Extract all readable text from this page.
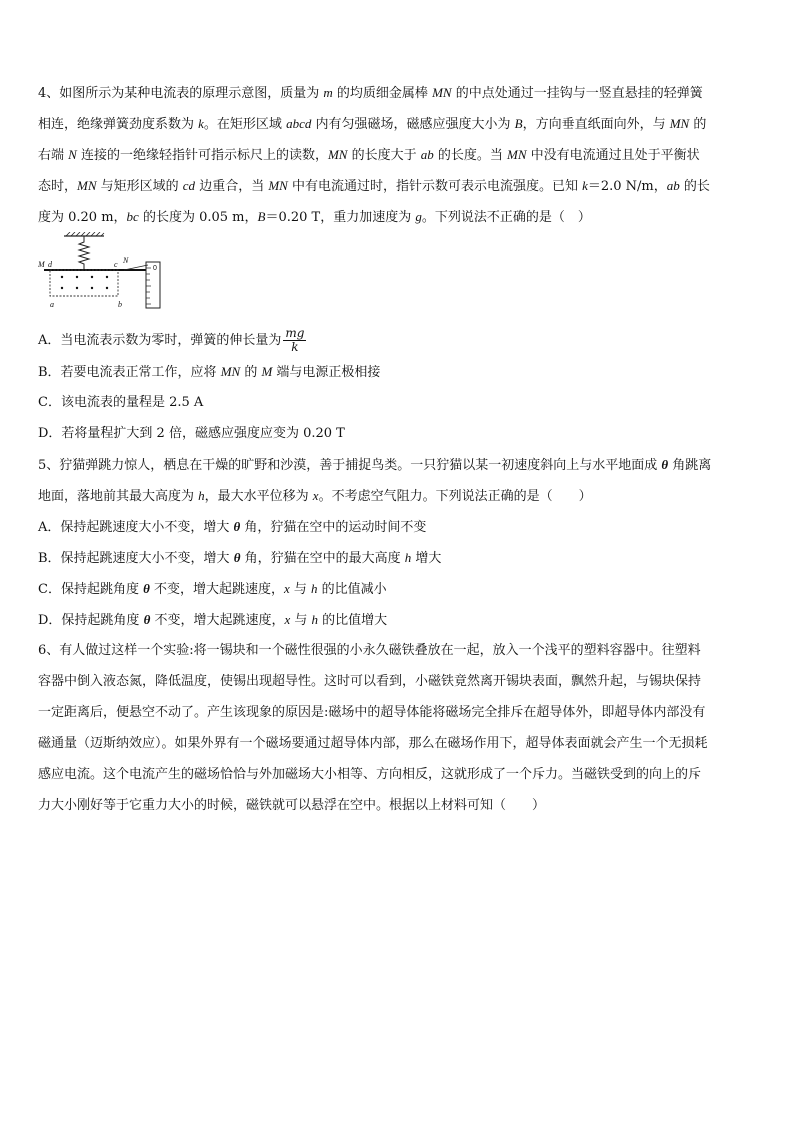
4、如图所示为某种电流表的原理示意图，质量为 m 的均质细金属棒 MN 的中点处通过一挂钩与一竖直悬挂的轻弹簧
相连，绝缘弹簧劲度系数为 k。在矩形区域 abcd 内有匀强磁场，磁感应强度大小为 B，方向垂直纸面向外，与 MN 的
右端 N 连接的一绝缘轻指针可指示标尺上的读数，MN 的长度大于 ab 的长度。当 MN 中没有电流通过且处于平衡状
态时，MN 与矩形区域的 cd 边重合，当 MN 中有电流通过时，指针示数可表示电流强度。已知 k＝2.0 N/m，ab 的长
度为 0.20 m，bc 的长度为 0.05 m，B＝0.20 T，重力加速度为 g。下列说法不正确的是（　）
M d	c N
a	b
0
A．当电流表示数为零时，弹簧的伸长量为 $\frac{mg}{k}$
B．若要电流表正常工作，应将 MN 的 M 端与电源正极相接
C．该电流表的量程是 2.5 A
D．若将量程扩大到 2 倍，磁感应强度应变为 0.20 T
5、狞猫弹跳力惊人，栖息在干燥的旷野和沙漠，善于捕捉鸟类。一只狞猫以某一初速度斜向上与水平地面成 θ 角跳离
地面，落地前其最大高度为 h，最大水平位移为 x。不考虑空气阻力。下列说法正确的是（　　）
A．保持起跳速度大小不变，增大 θ 角，狞猫在空中的运动时间不变
B．保持起跳速度大小不变，增大 θ 角，狞猫在空中的最大高度 h 增大
C．保持起跳角度 θ 不变，增大起跳速度，x 与 h 的比值减小
D．保持起跳角度 θ 不变，增大起跳速度，x 与 h 的比值增大
6、有人做过这样一个实验:将一锡块和一个磁性很强的小永久磁铁叠放在一起，放入一个浅平的塑料容器中。往塑料
容器中倒入液态氮，降低温度，使锡出现超导性。这时可以看到，小磁铁竟然离开锡块表面，飘然升起，与锡块保持
一定距离后，便悬空不动了。产生该现象的原因是:磁场中的超导体能将磁场完全排斥在超导体外，即超导体内部没有
磁通量（迈斯纳效应）。如果外界有一个磁场要通过超导体内部，那么在磁场作用下，超导体表面就会产生一个无损耗
感应电流。这个电流产生的磁场恰恰与外加磁场大小相等、方向相反，这就形成了一个斥力。当磁铁受到的向上的斥
力大小刚好等于它重力大小的时候，磁铁就可以悬浮在空中。根据以上材料可知（　　）
